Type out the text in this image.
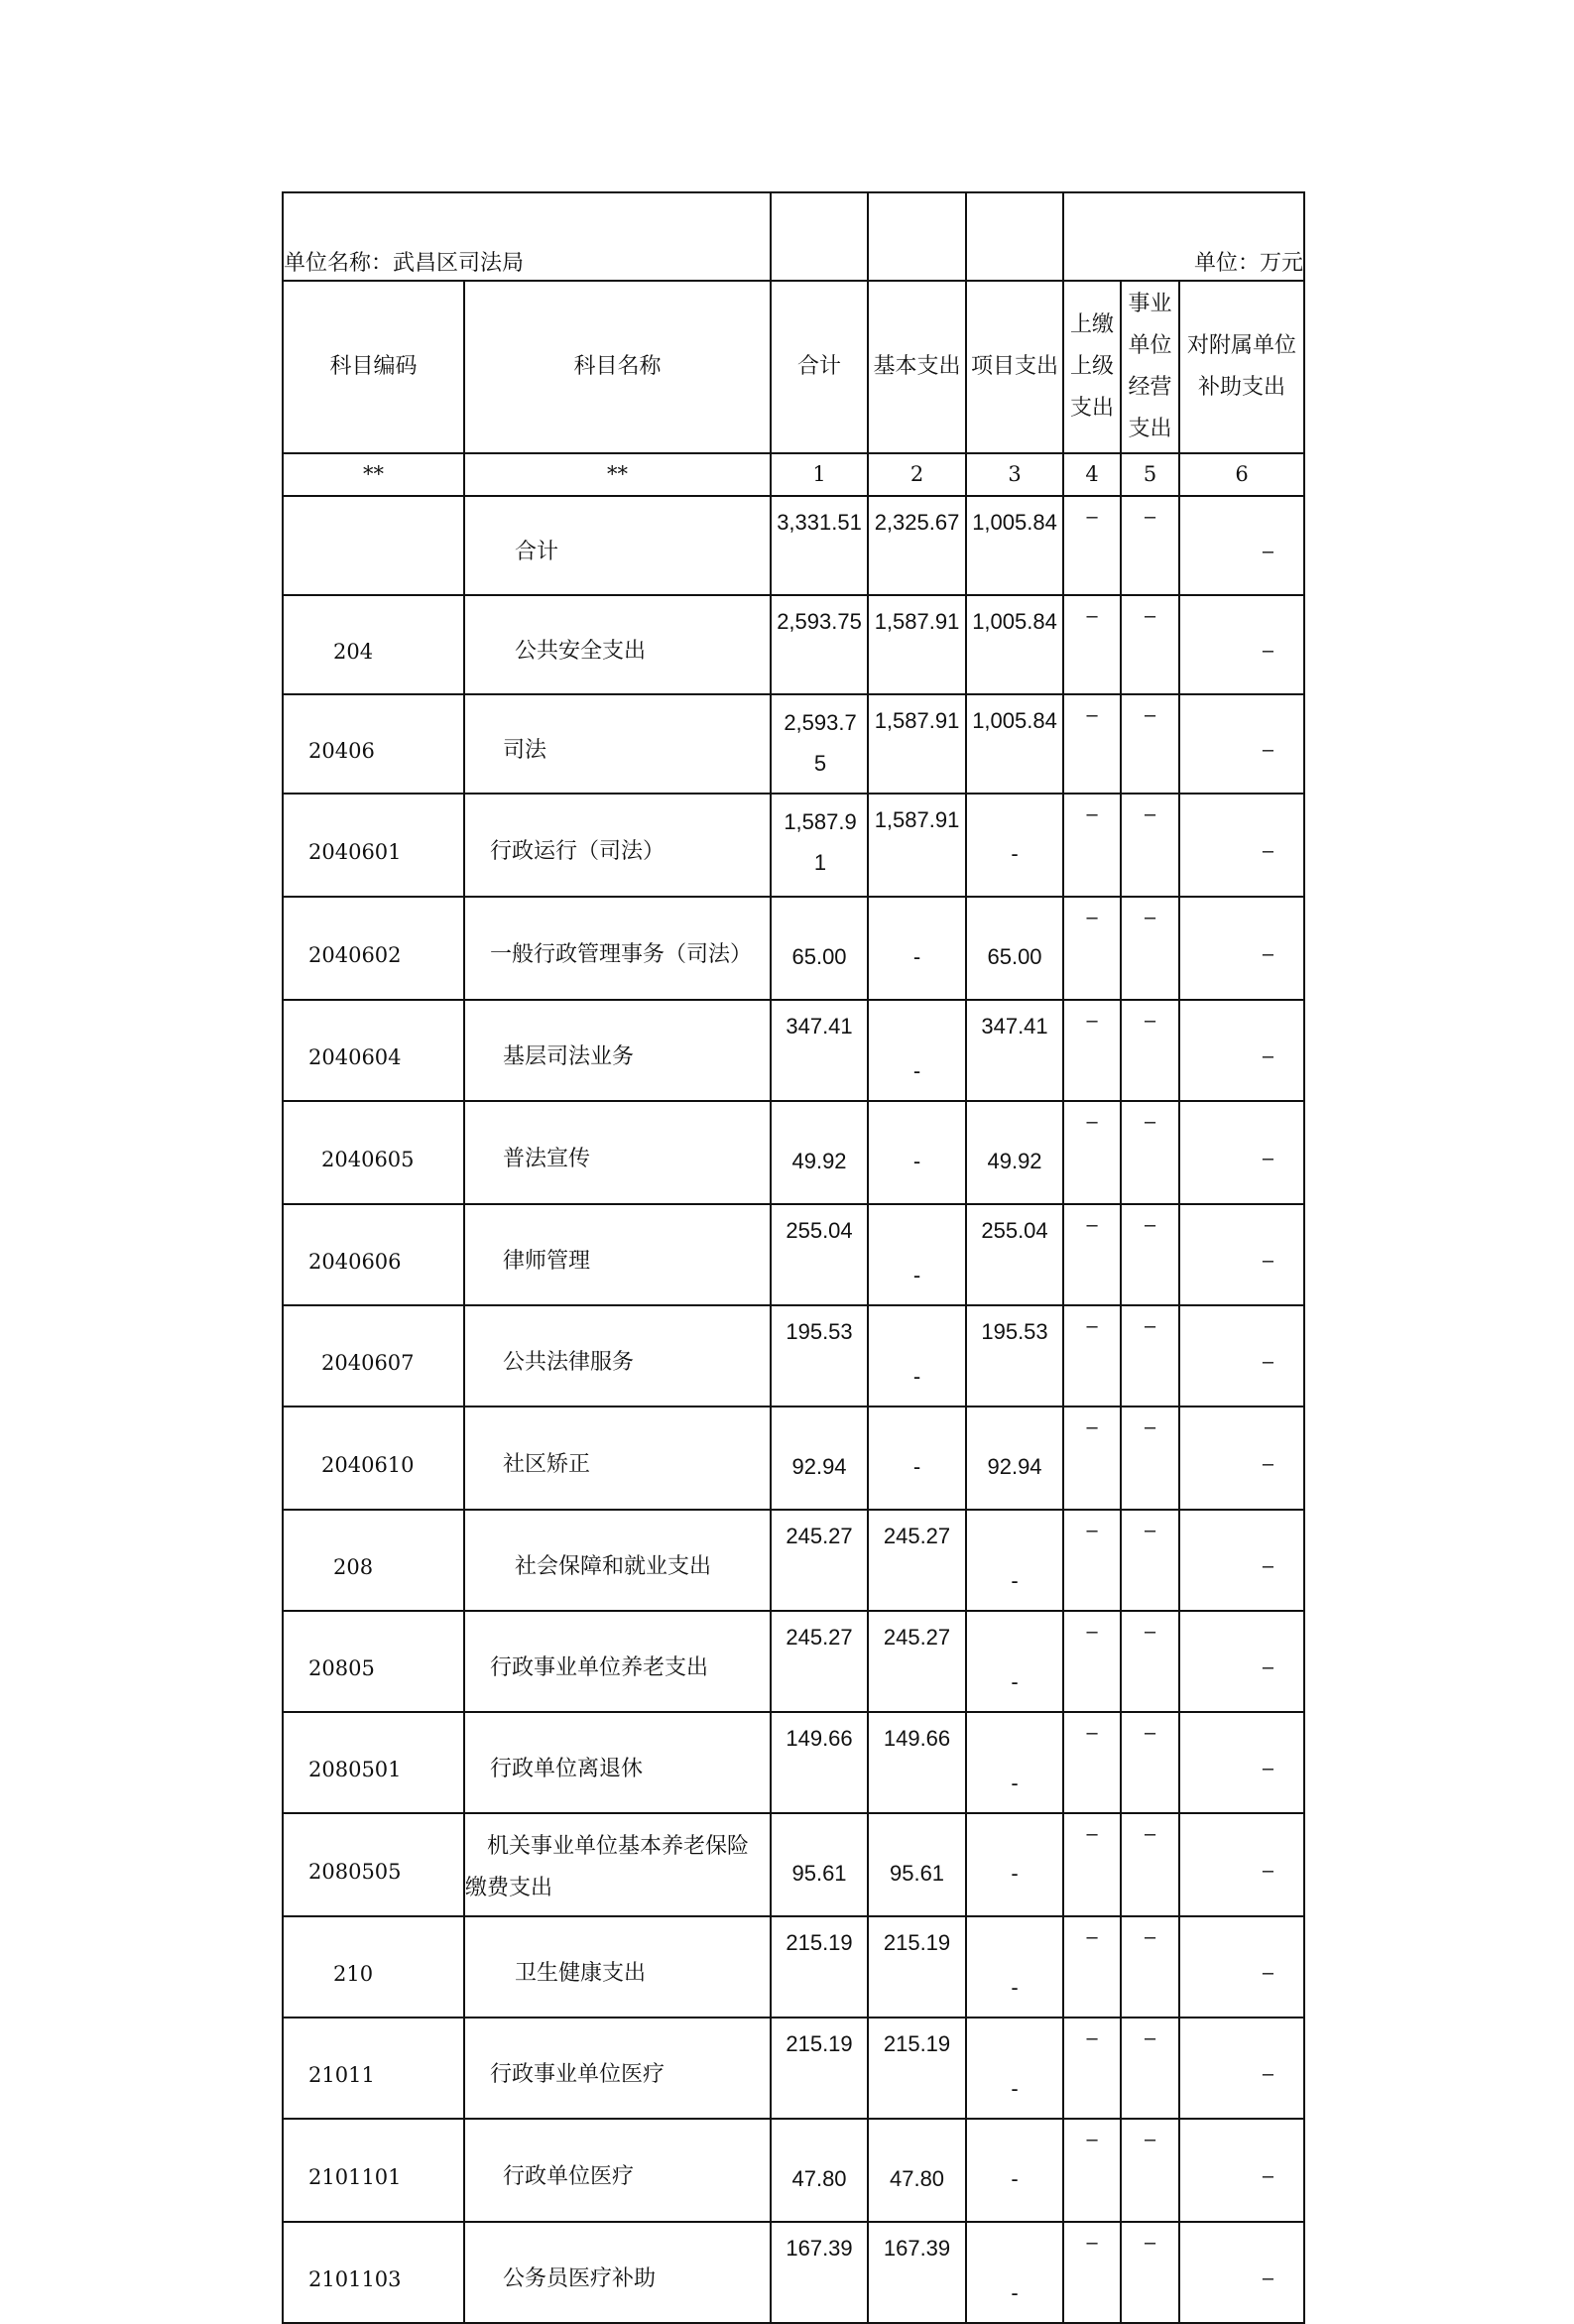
单位名称：武昌区司法局					单位：万元		
科目编码	科目名称	合计	基本支出	项目支出	上缴上级支出	事业单位经营支出	对附属单位补助支出
**	**	1	2	3	4	5	6
	合计	3,331.51	2,325.67	1,005.84	–	–	–
204	公共安全支出	2,593.75	1,587.91	1,005.84	–	–	–
20406	司法	2,593.75	1,587.91	1,005.84	–	–	–
2040601	行政运行（司法）	1,587.91	1,587.91	-	–	–	–
2040602	一般行政管理事务（司法）	65.00	-	65.00	–	–	–
2040604	基层司法业务	347.41	-	347.41	–	–	–
2040605	普法宣传	49.92	-	49.92	–	–	–
2040606	律师管理	255.04	-	255.04	–	–	–
2040607	公共法律服务	195.53	-	195.53	–	–	–
2040610	社区矫正	92.94	-	92.94	–	–	–
208	社会保障和就业支出	245.27	245.27	-	–	–	–
20805	行政事业单位养老支出	245.27	245.27	-	–	–	–
2080501	行政单位离退休	149.66	149.66	-	–	–	–
2080505	机关事业单位基本养老保险缴费支出	95.61	95.61	-	–	–	–
210	卫生健康支出	215.19	215.19	-	–	–	–
21011	行政事业单位医疗	215.19	215.19	-	–	–	–
2101101	行政单位医疗	47.80	47.80	-	–	–	–
2101103	公务员医疗补助	167.39	167.39	-	–	–	–
